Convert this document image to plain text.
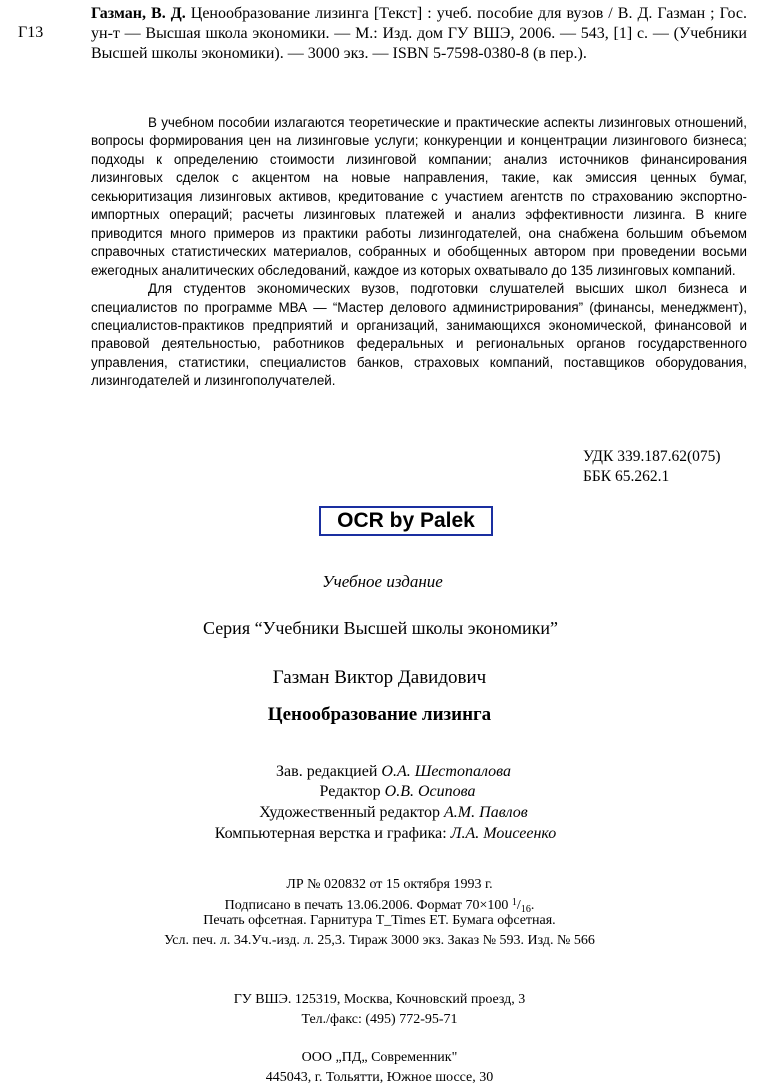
Г13
Газман, В. Д. Ценообразование лизинга [Текст] : учеб. пособие для вузов / В. Д. Газман ; Гос. ун-т — Высшая школа экономики. — М.: Изд. дом ГУ ВШЭ, 2006. — 543, [1] с. — (Учебники Высшей школы экономики). — 3000 экз. — ISBN 5-7598-0380-8 (в пер.).

В учебном пособии излагаются теоретические и практические аспекты лизинговых отношений, вопросы формирования цен на лизинговые услуги; конкуренции и концентрации лизингового бизнеса; подходы к определению стоимости лизинговой компании; анализ источников финансирования лизинговых сделок с акцентом на новые направления, такие, как эмиссия ценных бумаг, секьюритизация лизинговых активов, кредитование с участием агентств по страхованию экспортно-импортных операций; расчеты лизинговых платежей и анализ эффективности лизинга. В книге приводится много примеров из практики работы лизингодателей, она снабжена большим объемом справочных статистических материалов, собранных и обобщенных автором при проведении восьми ежегодных аналитических обследований, каждое из которых охватывало до 135 лизинговых компаний.

Для студентов экономических вузов, подготовки слушателей высших школ бизнеса и специалистов по программе МВА — “Мастер делового администрирования” (финансы, менеджмент), специалистов-практиков предприятий и организаций, занимающихся экономической, финансовой и правовой деятельностью, работников федеральных и региональных органов государственного управления, статистики, специалистов банков, страховых компаний, поставщиков оборудования, лизингодателей и лизингополучателей.

УДК 339.187.62(075)
ББК 65.262.1
OCR by Palek
Учебное издание
Серия “Учебники Высшей школы экономики”
Газман Виктор Давидович
Ценообразование лизинга
Зав. редакцией О.А. Шестопалова
Редактор О.В. Осипова
Художественный редактор А.М. Павлов
Компьютерная верстка и графика: Л.А. Моисеенко
ЛР № 020832 от 15 октября 1993 г.
Подписано в печать 13.06.2006. Формат 70×100 $^1/_{16}$.
Печать офсетная. Гарнитура Т_Times ET. Бумага офсетная.
Усл. печ. л. 34.Уч.-изд. л. 25,3. Тираж 3000 экз. Заказ № 593. Изд. № 566
ГУ ВШЭ. 125319, Москва, Кочновский проезд, 3
Тел./факс: (495) 772-95-71
ООО „ПД„ Современник"
445043, г. Тольятти, Южное шоссе, 30
